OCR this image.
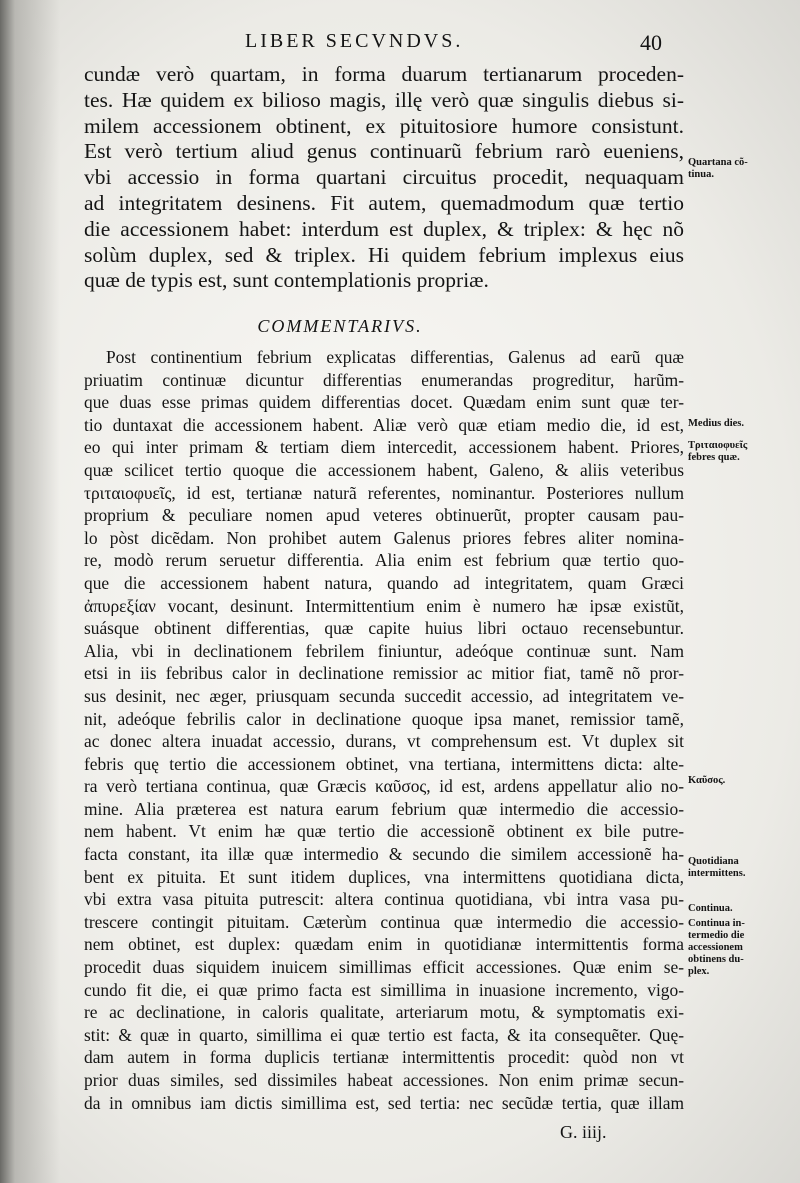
LIBER SECVNDVS.	40
cundæ verò quartam, in forma duarum tertianarum proceden-
tes. Hæ quidem ex biliosо magis, illę verò quæ singulis diebus si-
milem accessionem obtinent, ex pituitosiore humore consistunt.
Est verò tertium aliud genus continuarũ febrium rarò eueniens,
vbi accessio in forma quartani circuitus procedit, nequaquam
ad integritatem desinens. Fit autem, quemadmodum quæ tertio
die accessionem habet: interdum est duplex, & triplex: & hęc nõ
solùm duplex, sed & triplex. Hi quidem febrium implexus eius
quæ de typis est, sunt contemplationis propriæ.
COMMENTARIVS.
Post continentium febrium explicatas differentias, Galenus ad earũ quæ
priuatim continuæ dicuntur differentias enumerandas progreditur, harũm-
que duas esse primas quidem differentias docet. Quædam enim sunt quæ ter-
tio duntaxat die accessionem habent. Aliæ verò quæ etiam medio die, id est,
eo qui inter primam & tertiam diem intercedit, accessionem habent. Priores,
quæ scilicet tertio quoque die accessionem habent, Galeno, & aliis veteribus
τριταιοφυεῖς, id est, tertianæ naturã referentes, nominantur. Posteriores nullum
proprium & peculiare nomen apud veteres obtinuerũt, propter causam pau-
lo pòst dicẽdam. Non prohibet autem Galenus priores febres aliter nomina-
re, modò rerum seruetur differentia. Alia enim est febrium quæ tertio quo-
que die accessionem habent natura, quando ad integritatem, quam Græci
ἀπυρεξίαν vocant, desinunt. Intermittentium enim è numero hæ ipsæ existũt,
suásque obtinent differentias, quæ capite huius libri octauo recensebuntur.
Alia, vbi in declinationem febrilem finiuntur, adeóque continuæ sunt. Nam
etsi in iis febribus calor in declinatione remissior ac mitior fiat, tamẽ nõ pror-
sus desinit, nec æger, priusquam secunda succedit accessio, ad integritatem ve-
nit, adeóque febrilis calor in declinatione quoque ipsa manet, remissior tamẽ,
ac donec altera inuadat accessio, durans, vt comprehensum est. Vt duplex sit
febris quę tertio die accessionem obtinet, vna tertiana, intermittens dicta: alte-
ra verò tertiana continua, quæ Græcis καῦσος, id est, ardens appellatur alio no-
mine. Alia præterea est natura earum febrium quæ intermedio die accessio-
nem habent. Vt enim hæ quæ tertio die accessionẽ obtinent ex bile putre-
facta constant, ita illæ quæ intermedio & secundo die similem accessionẽ ha-
bent ex pituita. Et sunt itidem duplices, vna intermittens quotidiana dicta,
vbi extra vasa pituita putrescit: altera continua quotidiana, vbi intra vasa pu-
trescere contingit pituitam. Cæterùm continua quæ intermedio die accessio-
nem obtinet, est duplex: quædam enim in quotidianæ intermittentis forma
procedit duas siquidem inuicem simillimas efficit accessiones. Quæ enim se-
cundo fit die, ei quæ primo facta est simillima in inuasione incremento, vigo-
re ac declinatione, in caloris qualitate, arteriarum motu, & symptomatis exi-
stit: & quæ in quarto, simillima ei quæ tertio est facta, & ita consequẽter. Quę-
dam autem in forma duplicis tertianæ intermittentis procedit: quòd non vt
prior duas similes, sed dissimiles habeat accessiones. Non enim primæ secun-
da in omnibus iam dictis simillima est, sed tertia: nec secũdæ tertia, quæ illam
G. iiij.
Quartana cõ-
tinua.
Medius dies.
Τριταιοφυεῖς
febres quæ.
Καῦσος.
Quotidiana
intermittens.
Continua.
Continua in-
termedio die
accessionem
obtinens du-
plex.
